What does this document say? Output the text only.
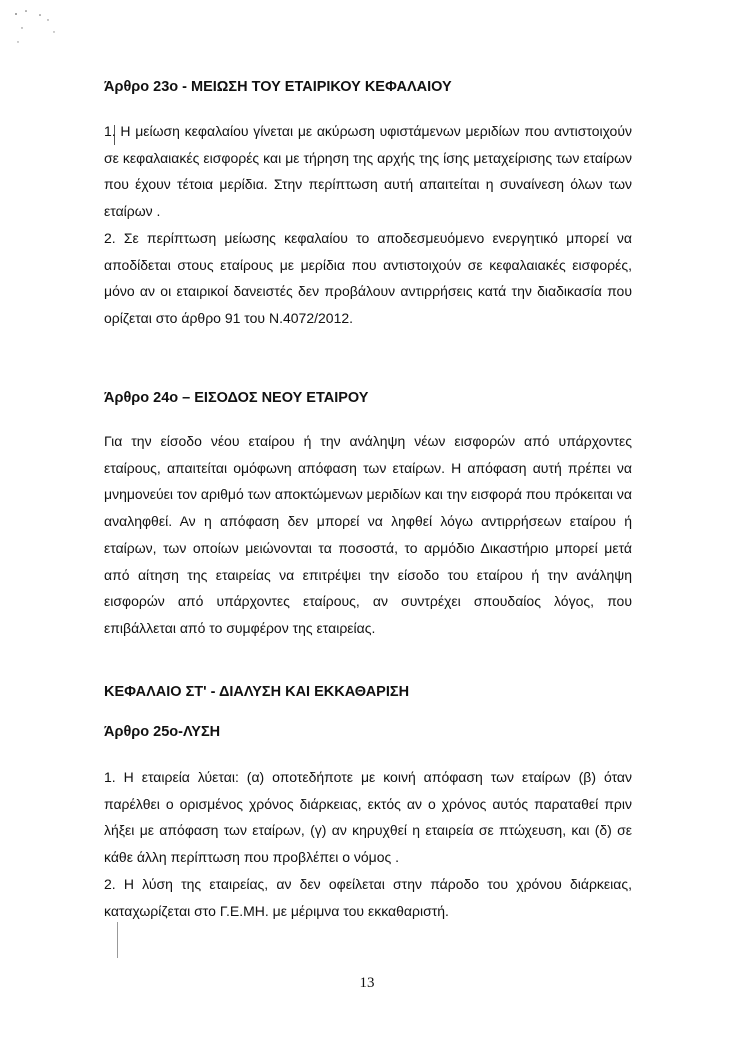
Άρθρο 23ο - ΜΕΙΩΣΗ ΤΟΥ ΕΤΑΙΡΙΚΟΥ ΚΕΦΑΛΑΙΟΥ

1. Η μείωση κεφαλαίου γίνεται με ακύρωση υφιστάμενων μεριδίων που αντιστοιχούν σε κεφαλαιακές εισφορές και με τήρηση της αρχής της ίσης μεταχείρισης των εταίρων που έχουν τέτοια μερίδια. Στην περίπτωση αυτή απαιτείται η συναίνεση όλων των εταίρων .

2. Σε περίπτωση μείωσης κεφαλαίου το αποδεσμευόμενο ενεργητικό μπορεί να αποδίδεται στους εταίρους με μερίδια που αντιστοιχούν σε κεφαλαιακές εισφορές, μόνο αν οι εταιρικοί δανειστές δεν προβάλουν αντιρρήσεις κατά την διαδικασία που ορίζεται στο άρθρο 91 του Ν.4072/2012.

Άρθρο 24ο – ΕΙΣΟΔΟΣ ΝΕΟΥ ΕΤΑΙΡΟΥ

Για την είσοδο νέου εταίρου ή την ανάληψη νέων εισφορών από υπάρχοντες εταίρους, απαιτείται ομόφωνη απόφαση των εταίρων. Η απόφαση αυτή πρέπει να μνημονεύει τον αριθμό των αποκτώμενων μεριδίων και την εισφορά που πρόκειται να αναληφθεί. Αν η απόφαση δεν μπορεί να ληφθεί λόγω αντιρρήσεων εταίρου ή εταίρων, των οποίων μειώνονται τα ποσοστά, το αρμόδιο Δικαστήριο μπορεί μετά από αίτηση της εταιρείας να επιτρέψει την είσοδο του εταίρου ή την ανάληψη εισφορών από υπάρχοντες εταίρους, αν συντρέχει σπουδαίος λόγος, που επιβάλλεται από το συμφέρον της εταιρείας.

ΚΕΦΑΛΑΙΟ ΣΤ' - ΔΙΑΛΥΣΗ ΚΑΙ ΕΚΚΑΘΑΡΙΣΗ
Άρθρο 25ο-ΛΥΣΗ

1. Η εταιρεία λύεται: (α) οποτεδήποτε με κοινή απόφαση των εταίρων (β) όταν παρέλθει ο ορισμένος χρόνος διάρκειας, εκτός αν ο χρόνος αυτός παραταθεί πριν λήξει με απόφαση των εταίρων, (γ) αν κηρυχθεί η εταιρεία σε πτώχευση, και (δ) σε κάθε άλλη περίπτωση που προβλέπει ο νόμος .

2. Η λύση της εταιρείας, αν δεν οφείλεται στην πάροδο του χρόνου διάρκειας, καταχωρίζεται στο Γ.Ε.ΜΗ. με μέριμνα του εκκαθαριστή.

13
